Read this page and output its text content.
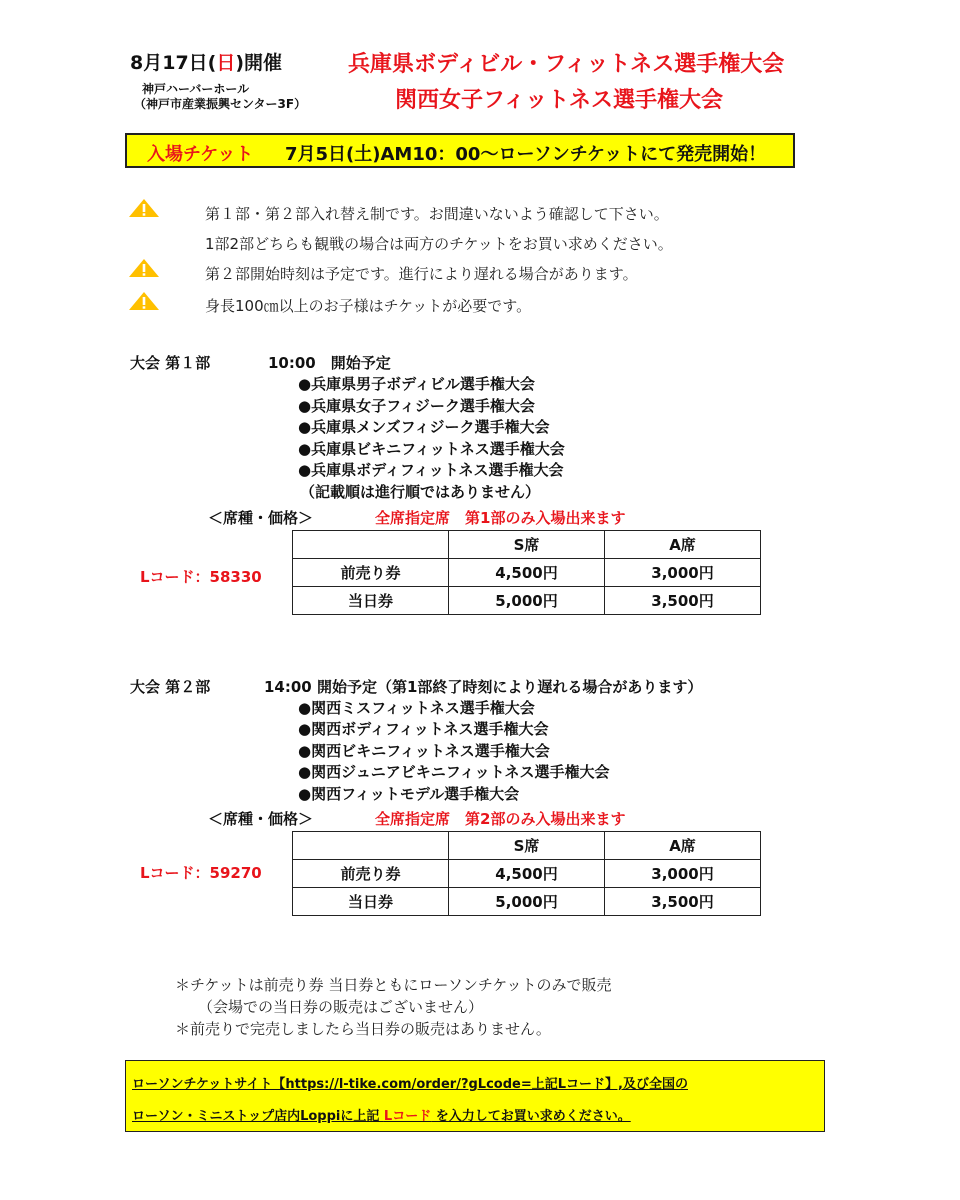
8月17日(日)開催
神戸ハーバーホール
（神戸市産業振興センター3F）
兵庫県ボディビル・フィットネス選手権大会
関西女子フィットネス選手権大会
入場チケット 7月5日(土)AM10：00～ローソンチケットにて発売開始！
第１部・第２部入れ替え制です。お間違いないよう確認して下さい。
1部2部どちらも観戦の場合は両方のチケットをお買い求めください。
第２部開始時刻は予定です。進行により遅れる場合があります。
身長100㎝以上のお子様はチケットが必要です。
大会 第１部	10:00　開始予定
●兵庫県男子ボディビル選手権大会
●兵庫県女子フィジーク選手権大会
●兵庫県メンズフィジーク選手権大会
●兵庫県ビキニフィットネス選手権大会
●兵庫県ボディフィットネス選手権大会
（記載順は進行順ではありません）
＜席種・価格＞	全席指定席　第1部のみ入場出来ます
Lコード：58330
	S席	A席
前売り券	4,500円	3,000円
当日券	5,000円	3,500円
大会 第２部	14:00 開始予定（第1部終了時刻により遅れる場合があります）
●関西ミスフィットネス選手権大会
●関西ボディフィットネス選手権大会
●関西ビキニフィットネス選手権大会
●関西ジュニアビキニフィットネス選手権大会
●関西フィットモデル選手権大会
＜席種・価格＞	全席指定席　第2部のみ入場出来ます
Lコード：59270
	S席	A席
前売り券	4,500円	3,000円
当日券	5,000円	3,500円
＊チケットは前売り券 当日券ともにローソンチケットのみで販売
（会場での当日券の販売はございません）
＊前売りで完売しましたら当日券の販売はありません。
ローソンチケットサイト【https://l-tike.com/order/?gLcode=上記Lコード】,及び全国の
ローソン・ミニストップ店内Loppiに上記 Lコード を入力してお買い求めください。
